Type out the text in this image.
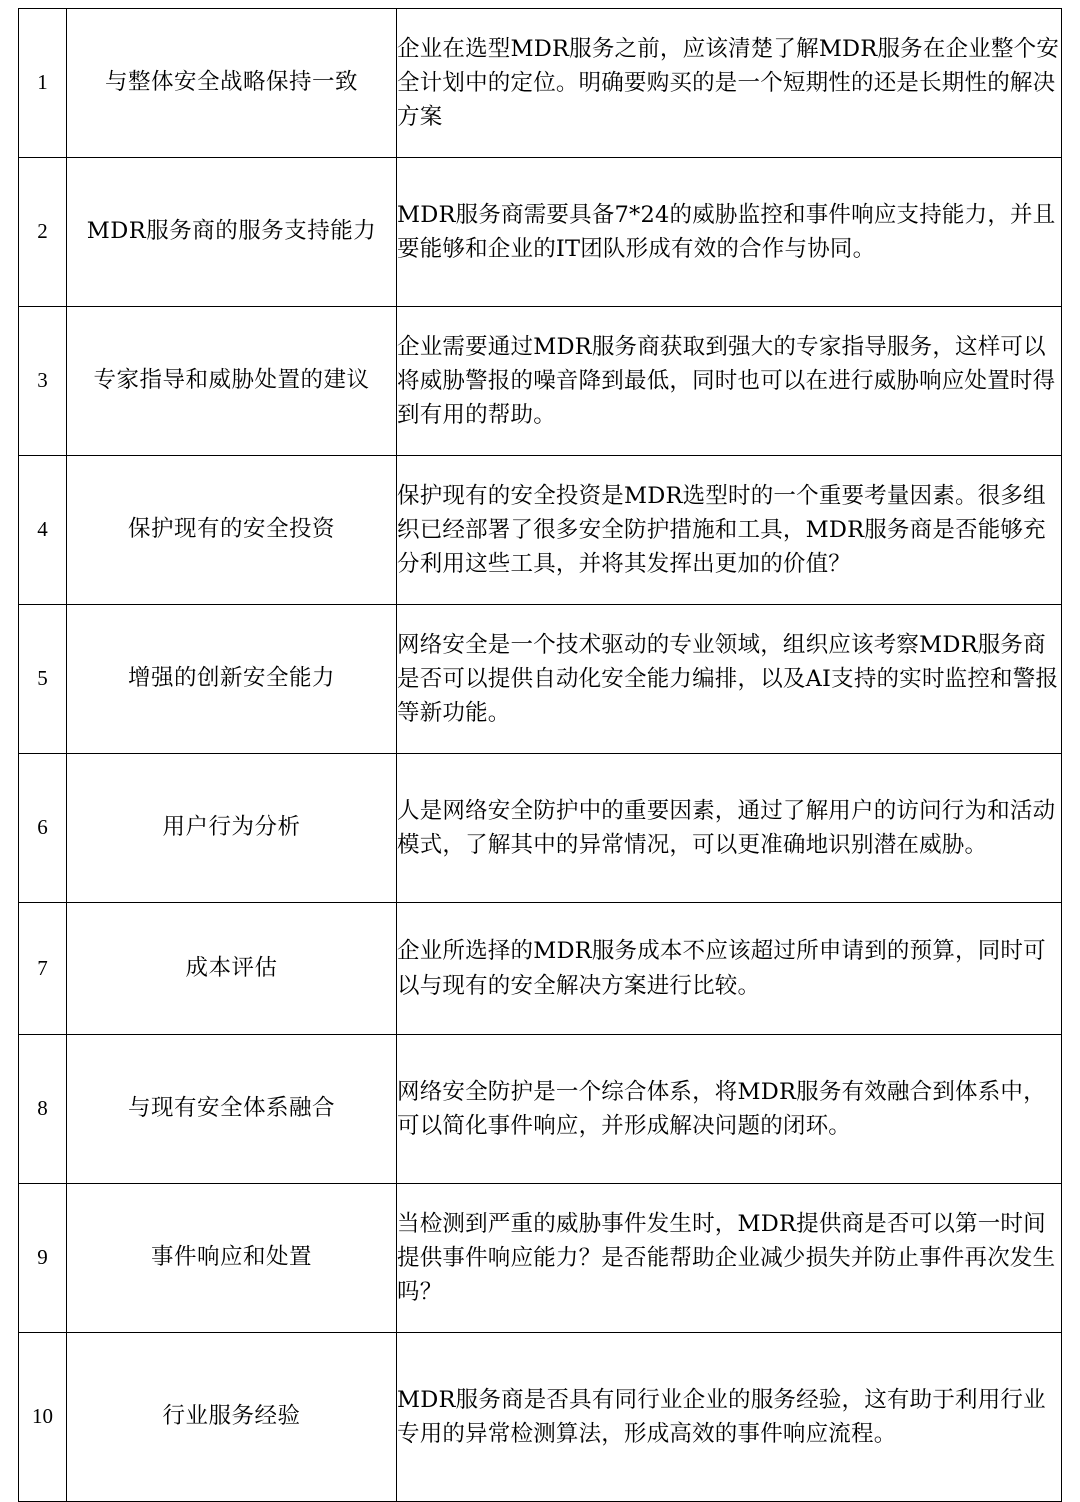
1	与整体安全战略保持一致	企业在选型MDR服务之前，应该清楚了解MDR服务在企业整个安全计划中的定位。明确要购买的是一个短期性的还是长期性的解决方案
2	MDR服务商的服务支持能力	MDR服务商需要具备7*24的威胁监控和事件响应支持能力，并且要能够和企业的IT团队形成有效的合作与协同。
3	专家指导和威胁处置的建议	企业需要通过MDR服务商获取到强大的专家指导服务，这样可以将威胁警报的噪音降到最低，同时也可以在进行威胁响应处置时得到有用的帮助。
4	保护现有的安全投资	保护现有的安全投资是MDR选型时的一个重要考量因素。很多组织已经部署了很多安全防护措施和工具，MDR服务商是否能够充分利用这些工具，并将其发挥出更加的价值？
5	增强的创新安全能力	网络安全是一个技术驱动的专业领域，组织应该考察MDR服务商是否可以提供自动化安全能力编排，以及AI支持的实时监控和警报等新功能。
6	用户行为分析	人是网络安全防护中的重要因素，通过了解用户的访问行为和活动模式，了解其中的异常情况，可以更准确地识别潜在威胁。
7	成本评估	企业所选择的MDR服务成本不应该超过所申请到的预算，同时可以与现有的安全解决方案进行比较。
8	与现有安全体系融合	网络安全防护是一个综合体系，将MDR服务有效融合到体系中，可以简化事件响应，并形成解决问题的闭环。
9	事件响应和处置	当检测到严重的威胁事件发生时，MDR提供商是否可以第一时间提供事件响应能力？是否能帮助企业减少损失并防止事件再次发生吗？
10	行业服务经验	MDR服务商是否具有同行业企业的服务经验，这有助于利用行业专用的异常检测算法，形成高效的事件响应流程。
